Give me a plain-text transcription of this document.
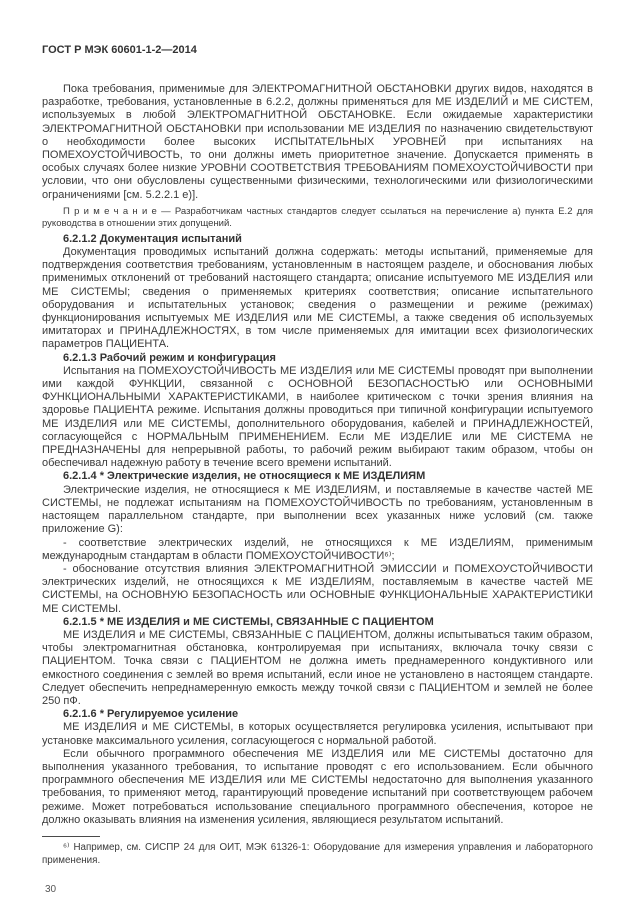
ГОСТ Р МЭК 60601-1-2—2014
Пока требования, применимые для ЭЛЕКТРОМАГНИТНОЙ ОБСТАНОВКИ других видов, находятся в разработке, требования, установленные в 6.2.2, должны применяться для МЕ ИЗДЕЛИЙ и МЕ СИСТЕМ, используемых в любой ЭЛЕКТРОМАГНИТНОЙ ОБСТАНОВКЕ. Если ожидаемые характеристики ЭЛЕКТРОМАГНИТНОЙ ОБСТАНОВКИ при использовании МЕ ИЗДЕЛИЯ по назначению свидетельствуют о необходимости более высоких ИСПЫТАТЕЛЬНЫХ УРОВНЕЙ при испытаниях на ПОМЕХОУСТОЙЧИВОСТЬ, то они должны иметь приоритетное значение. Допускается применять в особых случаях более низкие УРОВНИ СООТВЕТСТВИЯ ТРЕБОВАНИЯМ ПОМЕХОУСТОЙЧИВОСТИ при условии, что они обусловлены существенными физическими, технологическими или физиологическими ограничениями [см. 5.2.2.1 е)].
П р и м е ч а н и е — Разработчикам частных стандартов следует ссылаться на перечисление а) пункта Е.2 для руководства в отношении этих допущений.
6.2.1.2 Документация испытаний
Документация проводимых испытаний должна содержать: методы испытаний, применяемые для подтверждения соответствия требованиям, установленным в настоящем разделе, и обоснования любых применимых отклонений от требований настоящего стандарта; описание испытуемого МЕ ИЗДЕЛИЯ или МЕ СИСТЕМЫ; сведения о применяемых критериях соответствия; описание испытательного оборудования и испытательных установок; сведения о размещении и режиме (режимах) функционирования испытуемых МЕ ИЗДЕЛИЯ или МЕ СИСТЕМЫ, а также сведения об используемых имитаторах и ПРИНАДЛЕЖНОСТЯХ, в том числе применяемых для имитации всех физиологических параметров ПАЦИЕНТА.
6.2.1.3 Рабочий режим и конфигурация
Испытания на ПОМЕХОУСТОЙЧИВОСТЬ МЕ ИЗДЕЛИЯ или МЕ СИСТЕМЫ проводят при выполнении ими каждой ФУНКЦИИ, связанной с ОСНОВНОЙ БЕЗОПАСНОСТЬЮ или ОСНОВНЫМИ ФУНКЦИОНАЛЬНЫМИ ХАРАКТЕРИСТИКАМИ, в наиболее критическом с точки зрения влияния на здоровье ПАЦИЕНТА режиме. Испытания должны проводиться при типичной конфигурации испытуемого МЕ ИЗДЕЛИЯ или МЕ СИСТЕМЫ, дополнительного оборудования, кабелей и ПРИНАДЛЕЖНОСТЕЙ, согласующейся с НОРМАЛЬНЫМ ПРИМЕНЕНИЕМ. Если МЕ ИЗДЕЛИЕ или МЕ СИСТЕМА не ПРЕДНАЗНАЧЕНЫ для непрерывной работы, то рабочий режим выбирают таким образом, чтобы он обеспечивал надежную работу в течение всего времени испытаний.
6.2.1.4 * Электрические изделия, не относящиеся к МЕ ИЗДЕЛИЯМ
Электрические изделия, не относящиеся к МЕ ИЗДЕЛИЯМ, и поставляемые в качестве частей МЕ СИСТЕМЫ, не подлежат испытаниям на ПОМЕХОУСТОЙЧИВОСТЬ по требованиям, установленным в настоящем параллельном стандарте, при выполнении всех указанных ниже условий (см. также приложение G):
- соответствие электрических изделий, не относящихся к МЕ ИЗДЕЛИЯМ, применимым международным стандартам в области ПОМЕХОУСТОЙЧИВОСТИ⁶⁾;
- обоснование отсутствия влияния ЭЛЕКТРОМАГНИТНОЙ ЭМИССИИ и ПОМЕХОУСТОЙЧИВОСТИ электрических изделий, не относящихся к МЕ ИЗДЕЛИЯМ, поставляемым в качестве частей МЕ СИСТЕМЫ, на ОСНОВНУЮ БЕЗОПАСНОСТЬ или ОСНОВНЫЕ ФУНКЦИОНАЛЬНЫЕ ХАРАКТЕРИСТИКИ МЕ СИСТЕМЫ.
6.2.1.5 * МЕ ИЗДЕЛИЯ и МЕ СИСТЕМЫ, СВЯЗАННЫЕ С ПАЦИЕНТОМ
МЕ ИЗДЕЛИЯ и МЕ СИСТЕМЫ, СВЯЗАННЫЕ С ПАЦИЕНТОМ, должны испытываться таким образом, чтобы электромагнитная обстановка, контролируемая при испытаниях, включала точку связи с ПАЦИЕНТОМ. Точка связи с ПАЦИЕНТОМ не должна иметь преднамеренного кондуктивного или емкостного соединения с землей во время испытаний, если иное не установлено в настоящем стандарте. Следует обеспечить непреднамеренную емкость между точкой связи с ПАЦИЕНТОМ и землей не более 250 пФ.
6.2.1.6 * Регулируемое усиление
МЕ ИЗДЕЛИЯ и МЕ СИСТЕМЫ, в которых осуществляется регулировка усиления, испытывают при установке максимального усиления, согласующегося с нормальной работой.
Если обычного программного обеспечения МЕ ИЗДЕЛИЯ или МЕ СИСТЕМЫ достаточно для выполнения указанного требования, то испытание проводят с его использованием. Если обычного программного обеспечения МЕ ИЗДЕЛИЯ или МЕ СИСТЕМЫ недостаточно для выполнения указанного требования, то применяют метод, гарантирующий проведение испытаний при соответствующем рабочем режиме. Может потребоваться использование специального программного обеспечения, которое не должно оказывать влияния на изменения усиления, являющиеся результатом испытаний.
⁶⁾ Например, см. СИСПР 24 для ОИТ, МЭК 61326-1: Оборудование для измерения управления и лабораторного применения.
30
